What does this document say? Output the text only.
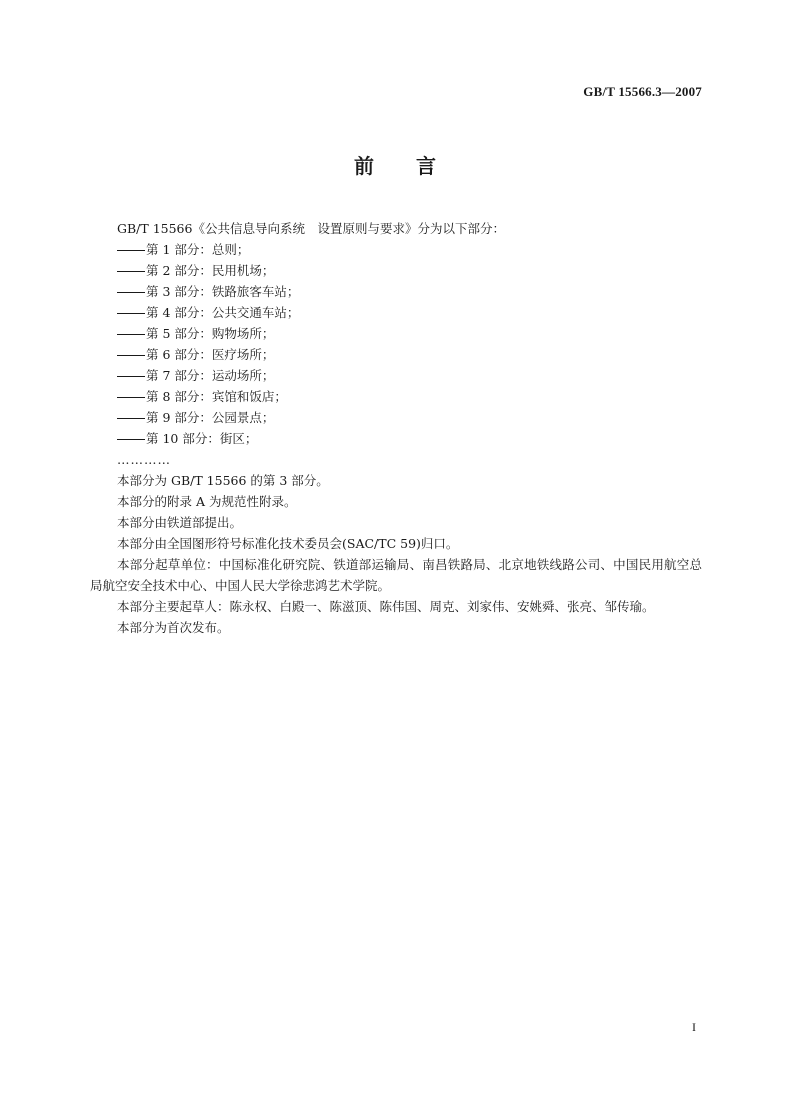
GB/T 15566.3—2007
前 言

GB/T 15566《公共信息导向系统　设置原则与要求》分为以下部分：

第 1 部分：总则；

第 2 部分：民用机场；

第 3 部分：铁路旅客车站；

第 4 部分：公共交通车站；

第 5 部分：购物场所；

第 6 部分：医疗场所；

第 7 部分：运动场所；

第 8 部分：宾馆和饭店；

第 9 部分：公园景点；

第 10 部分：街区；

…………

本部分为 GB/T 15566 的第 3 部分。

本部分的附录 A 为规范性附录。

本部分由铁道部提出。

本部分由全国图形符号标准化技术委员会(SAC/TC 59)归口。

本部分起草单位：中国标准化研究院、铁道部运输局、南昌铁路局、北京地铁线路公司、中国民用航空总局航空安全技术中心、中国人民大学徐悲鸿艺术学院。

本部分主要起草人：陈永权、白殿一、陈滋顶、陈伟国、周克、刘家伟、安姚舜、张亮、邹传瑜。

本部分为首次发布。

I
